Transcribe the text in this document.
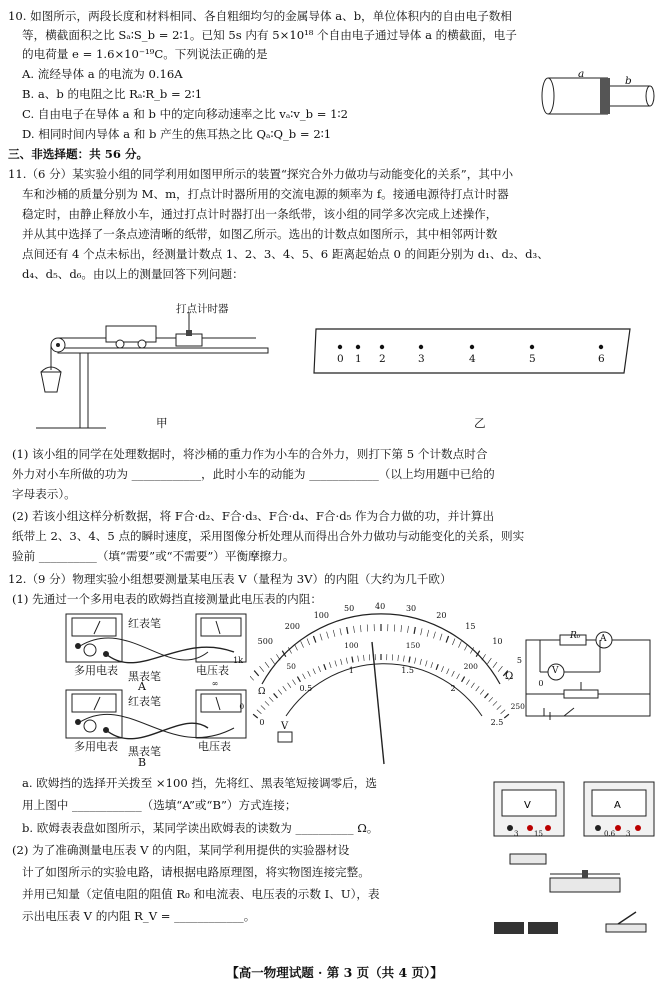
10. 如图所示，两段长度和材料相同、各自粗细均匀的金属导体 a、b，单位体积内的自由电子数相
等，横截面积之比 Sₐ∶S_b = 2∶1。已知 5s 内有 5×10¹⁸ 个自由电子通过导体 a 的横截面，电子
的电荷量 e = 1.6×10⁻¹⁹C。下列说法正确的是
A. 流经导体 a 的电流为 0.16A
B. a、b 的电阻之比 Rₐ∶R_b = 2∶1
C. 自由电子在导体 a 和 b 中的定向移动速率之比 vₐ∶v_b = 1∶2
D. 相同时间内导体 a 和 b 产生的焦耳热之比 Qₐ∶Q_b = 2∶1
a
b
三、非选择题：共 56 分。
11.（6 分）某实验小组的同学利用如图甲所示的装置“探究合外力做功与动能变化的关系”，其中小
车和沙桶的质量分别为 M、m，打点计时器所用的交流电源的频率为 f。接通电源待打点计时器
稳定时，由静止释放小车，通过打点计时器打出一条纸带，该小组的同学多次完成上述操作，
并从其中选择了一条点迹清晰的纸带，如图乙所示。选出的计数点如图所示，其中相邻两计数
点间还有 4 个点未标出，经测量计数点 1、2、3、4、5、6 距离起始点 0 的间距分别为 d₁、d₂、d₃、
d₄、d₅、d₆。由以上的测量回答下列问题：
打点计时器
甲
0 1 2	3	4	5	6
乙
(1) 该小组的同学在处理数据时，将沙桶的重力作为小车的合外力，则打下第 5 个计数点时合
外力对小车所做的功为 ____________，此时小车的动能为 ____________（以上均用题中已给的
字母表示）。
(2) 若该小组这样分析数据，将 F合·d₂、F合·d₃、F合·d₄、F合·d₅ 作为合力做的功，并计算出
纸带上 2、3、4、5 点的瞬时速度，采用图像分析处理从而得出合外力做功与动能变化的关系，则实
验前 __________（填“需要”或“不需要”）平衡摩擦力。
12.（9 分）物理实验小组想要测量某电压表 V（量程为 3V）的内阻（大约为几千欧）
(1) 先通过一个多用电表的欧姆挡直接测量此电压表的内阻：
红表笔
多用电表	电压表
黑表笔
A
红表笔
多用电表	电压表
黑表笔
B
∞
1k
500
200
100
50	40	30
20
15
10
5
0
0
50
100	150
200
250
0
0.5
1	1.5
2
2.5
Ω
Ω
V
R₀ A
V
a. 欧姆挡的选择开关拨至 ×100 挡，先将红、黑表笔短接调零后，选
用上图中 ____________（选填“A”或“B”）方式连接；
b. 欧姆表表盘如图所示，某同学读出欧姆表的读数为 __________ Ω。
(2) 为了准确测量电压表 V 的内阻，某同学利用提供的实验器材设
计了如图所示的实验电路，请根据电路原理图，将实物图连接完整。
并用已知量（定值电阻的阻值 R₀ 和电流表、电压表的示数 I、U），表
示出电压表 V 的内阻 R_V = ____________。
V	A
3 15	0.6 3
【高一物理试题 · 第 3 页（共 4 页）】
